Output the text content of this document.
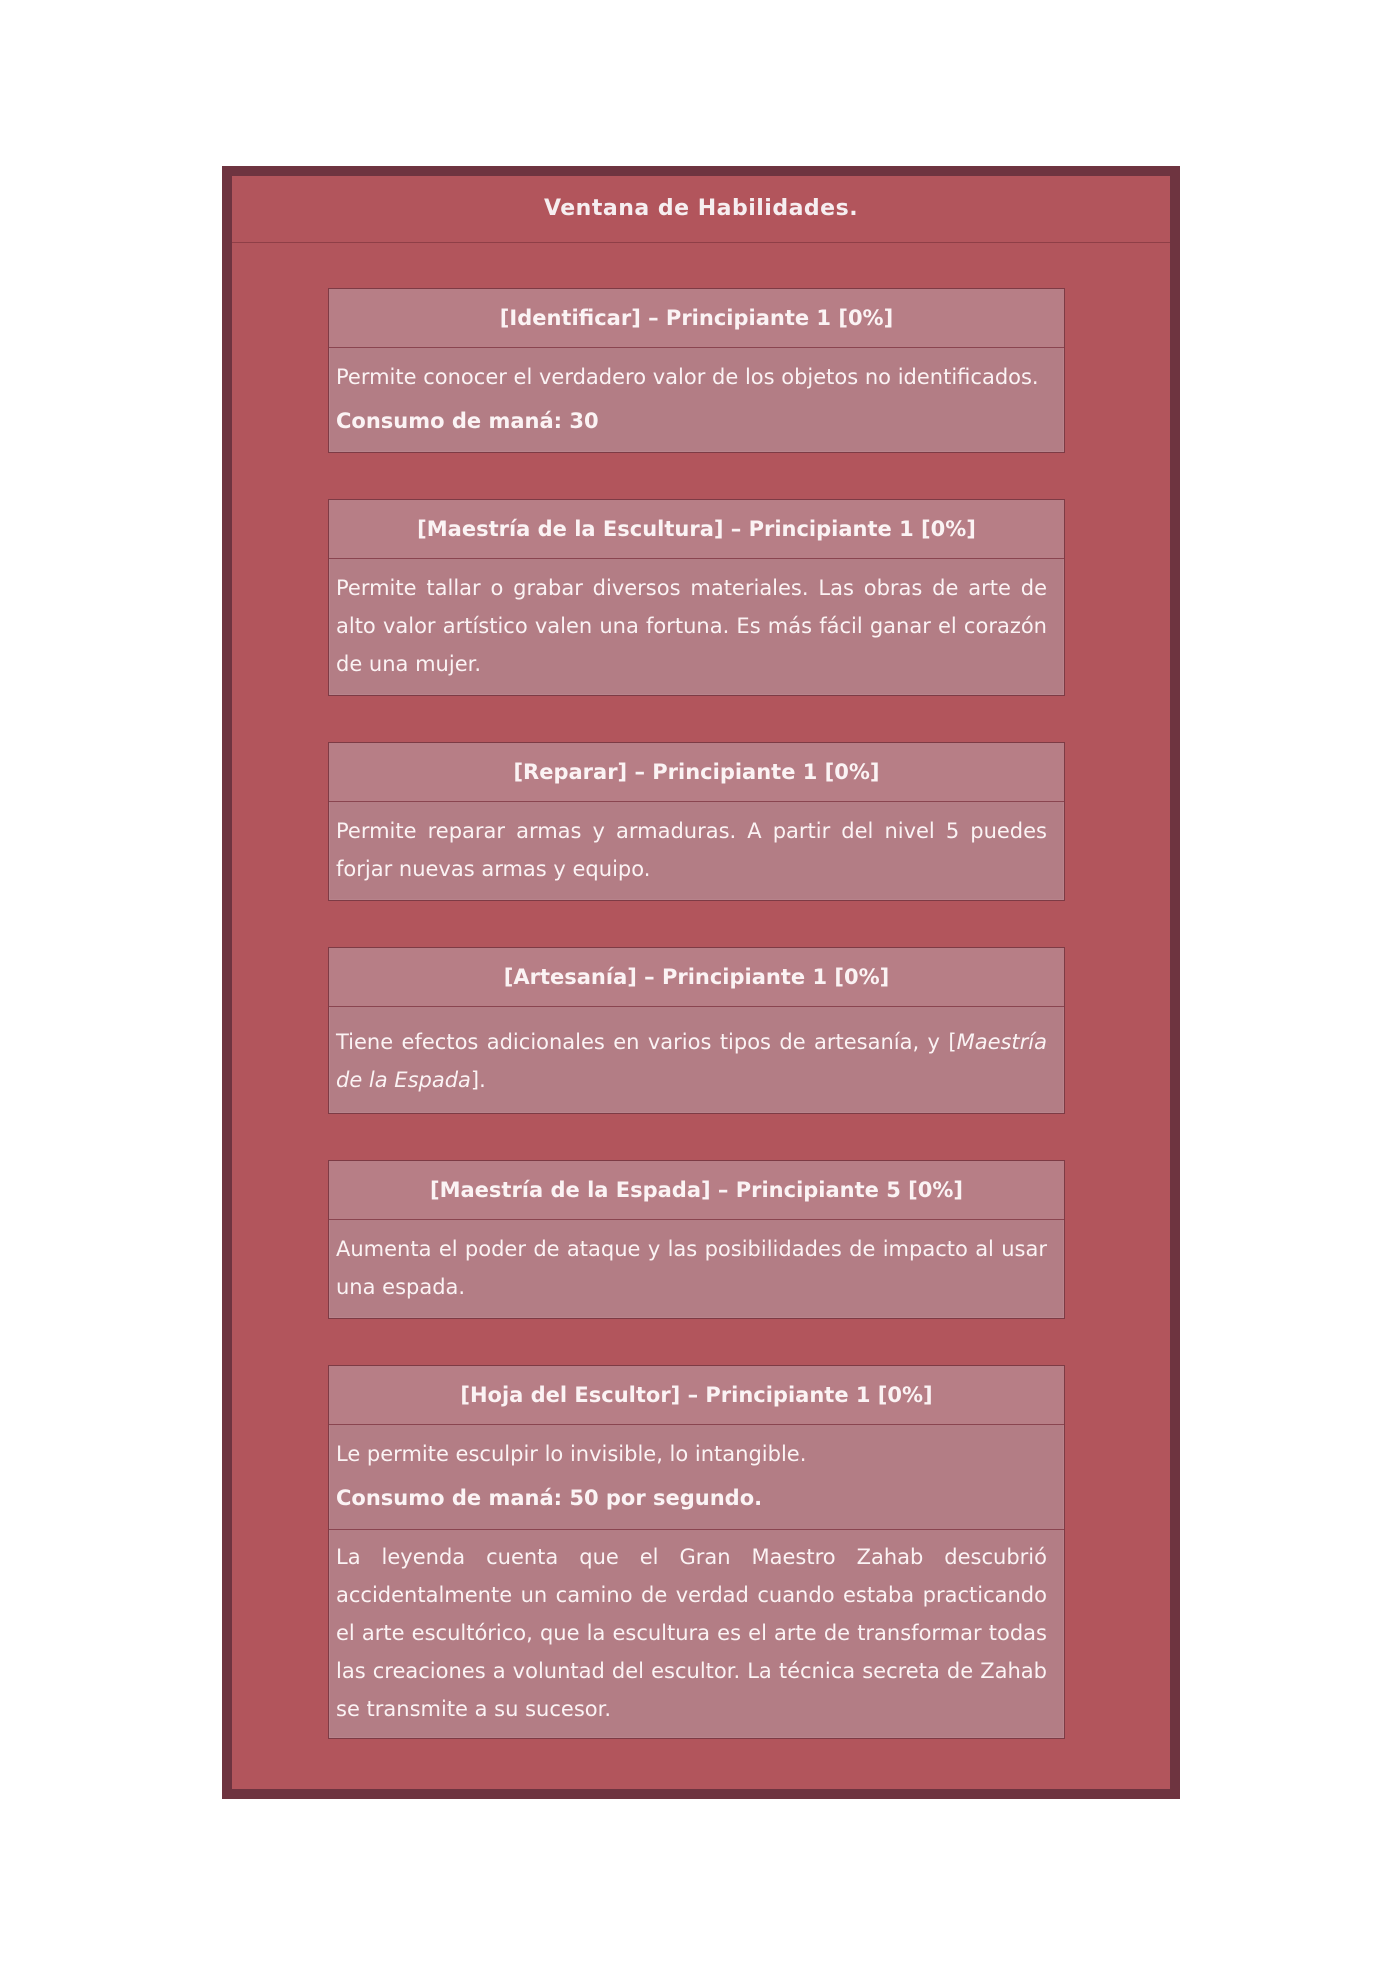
Ventana de Habilidades.
[Identificar] – Principiante 1 [0%]

Permite conocer el verdadero valor de los objetos no identificados.

Consumo de maná: 30

[Maestría de la Escultura] – Principiante 1 [0%]

Permite tallar o grabar diversos materiales. Las obras de arte de alto valor artístico valen una fortuna. Es más fácil ganar el corazón de una mujer.

[Reparar] – Principiante 1 [0%]

Permite reparar armas y armaduras. A partir del nivel 5 puedes forjar nuevas armas y equipo.

[Artesanía] – Principiante 1 [0%]

Tiene efectos adicionales en varios tipos de artesanía, y [Maestría de la Espada].

[Maestría de la Espada] – Principiante 5 [0%]

Aumenta el poder de ataque y las posibilidades de impacto al usar una espada.

[Hoja del Escultor] – Principiante 1 [0%]

Le permite esculpir lo invisible, lo intangible.

Consumo de maná: 50 por segundo.

La leyenda cuenta que el Gran Maestro Zahab descubrió accidentalmente un camino de verdad cuando estaba practicando el arte escultórico, que la escultura es el arte de transformar todas las creaciones a voluntad del escultor. La técnica secreta de Zahab se transmite a su sucesor.
